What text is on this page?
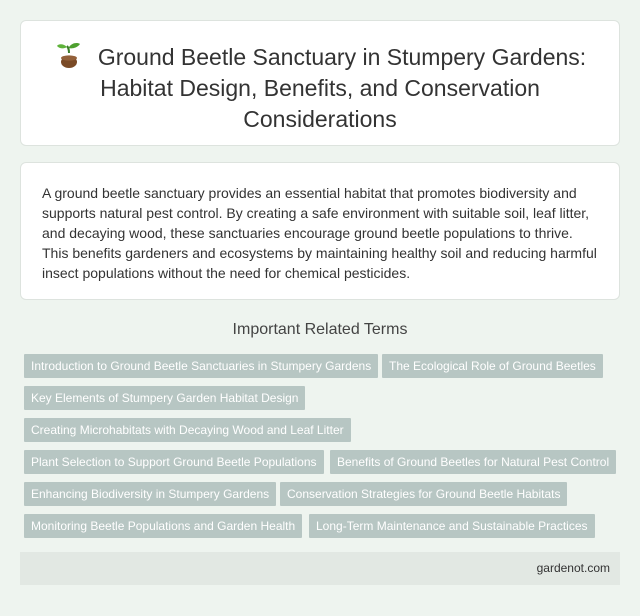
Ground Beetle Sanctuary in Stumpery Gardens: Habitat Design, Benefits, and Conservation Considerations

A ground beetle sanctuary provides an essential habitat that promotes biodiversity and supports natural pest control. By creating a safe environment with suitable soil, leaf litter, and decaying wood, these sanctuaries encourage ground beetle populations to thrive. This benefits gardeners and ecosystems by maintaining healthy soil and reducing harmful insect populations without the need for chemical pesticides.

Important Related Terms
Introduction to Ground Beetle Sanctuaries in Stumpery Gardens	The Ecological Role of Ground Beetles
Key Elements of Stumpery Garden Habitat Design
Creating Microhabitats with Decaying Wood and Leaf Litter
Plant Selection to Support Ground Beetle Populations	Benefits of Ground Beetles for Natural Pest Control
Enhancing Biodiversity in Stumpery Gardens	Conservation Strategies for Ground Beetle Habitats
Monitoring Beetle Populations and Garden Health	Long-Term Maintenance and Sustainable Practices
gardenot.com
